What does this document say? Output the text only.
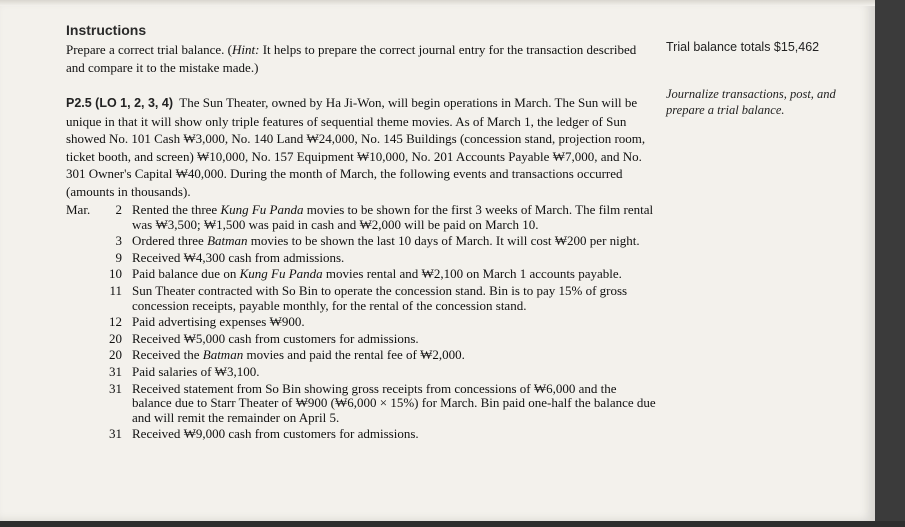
Instructions
Prepare a correct trial balance. (Hint: It helps to prepare the correct journal entry for the transaction described and compare it to the mistake made.)
Trial balance totals $15,462
Journalize transactions, post, and prepare a trial balance.
P2.5 (LO 1, 2, 3, 4) The Sun Theater, owned by Ha Ji-Won, will begin operations in March. The Sun will be unique in that it will show only triple features of sequential theme movies. As of March 1, the ledger of Sun showed No. 101 Cash ₩3,000, No. 140 Land ₩24,000, No. 145 Buildings (concession stand, projection room, ticket booth, and screen) ₩10,000, No. 157 Equipment ₩10,000, No. 201 Accounts Payable ₩7,000, and No. 301 Owner's Capital ₩40,000. During the month of March, the following events and transactions occurred (amounts in thousands).
Mar.	2 Rented the three Kung Fu Panda movies to be shown for the first 3 weeks of March. The film rental was ₩3,500; ₩1,500 was paid in cash and ₩2,000 will be paid on March 10.
3 Ordered three Batman movies to be shown the last 10 days of March. It will cost ₩200 per night.
9 Received ₩4,300 cash from admissions.
10 Paid balance due on Kung Fu Panda movies rental and ₩2,100 on March 1 accounts payable.
11 Sun Theater contracted with So Bin to operate the concession stand. Bin is to pay 15% of gross concession receipts, payable monthly, for the rental of the concession stand.
12 Paid advertising expenses ₩900.
20 Received ₩5,000 cash from customers for admissions.
20 Received the Batman movies and paid the rental fee of ₩2,000.
31 Paid salaries of ₩3,100.
31 Received statement from So Bin showing gross receipts from concessions of ₩6,000 and the balance due to Starr Theater of ₩900 (₩6,000 × 15%) for March. Bin paid one-half the balance due and will remit the remainder on April 5.
31 Received ₩9,000 cash from customers for admissions.
